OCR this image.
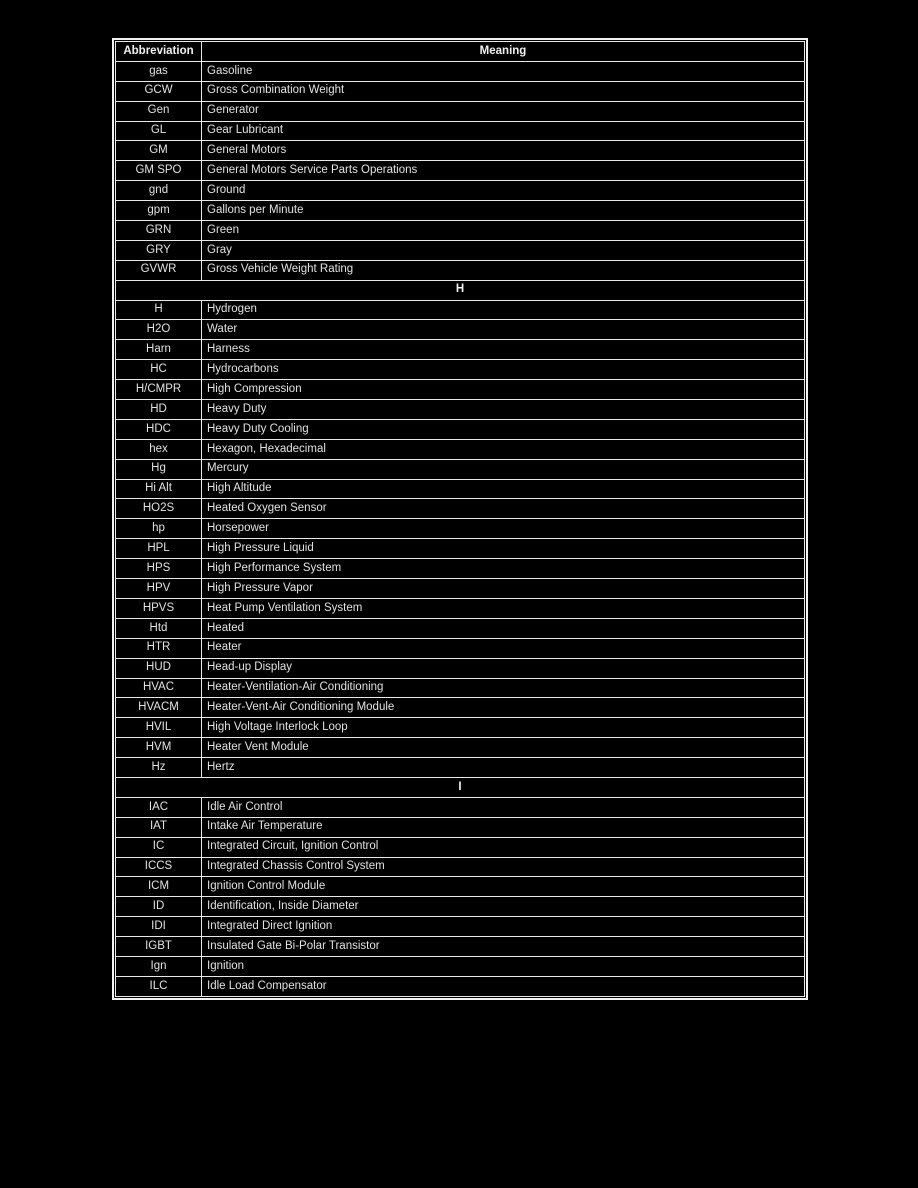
Abbreviation	Meaning
gas	Gasoline
GCW	Gross Combination Weight
Gen	Generator
GL	Gear Lubricant
GM	General Motors
GM SPO	General Motors Service Parts Operations
gnd	Ground
gpm	Gallons per Minute
GRN	Green
GRY	Gray
GVWR	Gross Vehicle Weight Rating
H	
H	Hydrogen
H2O	Water
Harn	Harness
HC	Hydrocarbons
H/CMPR	High Compression
HD	Heavy Duty
HDC	Heavy Duty Cooling
hex	Hexagon, Hexadecimal
Hg	Mercury
Hi Alt	High Altitude
HO2S	Heated Oxygen Sensor
hp	Horsepower
HPL	High Pressure Liquid
HPS	High Performance System
HPV	High Pressure Vapor
HPVS	Heat Pump Ventilation System
Htd	Heated
HTR	Heater
HUD	Head-up Display
HVAC	Heater-Ventilation-Air Conditioning
HVACM	Heater-Vent-Air Conditioning Module
HVIL	High Voltage Interlock Loop
HVM	Heater Vent Module
Hz	Hertz
I	
IAC	Idle Air Control
IAT	Intake Air Temperature
IC	Integrated Circuit, Ignition Control
ICCS	Integrated Chassis Control System
ICM	Ignition Control Module
ID	Identification, Inside Diameter
IDI	Integrated Direct Ignition
IGBT	Insulated Gate Bi-Polar Transistor
Ign	Ignition
ILC	Idle Load Compensator
